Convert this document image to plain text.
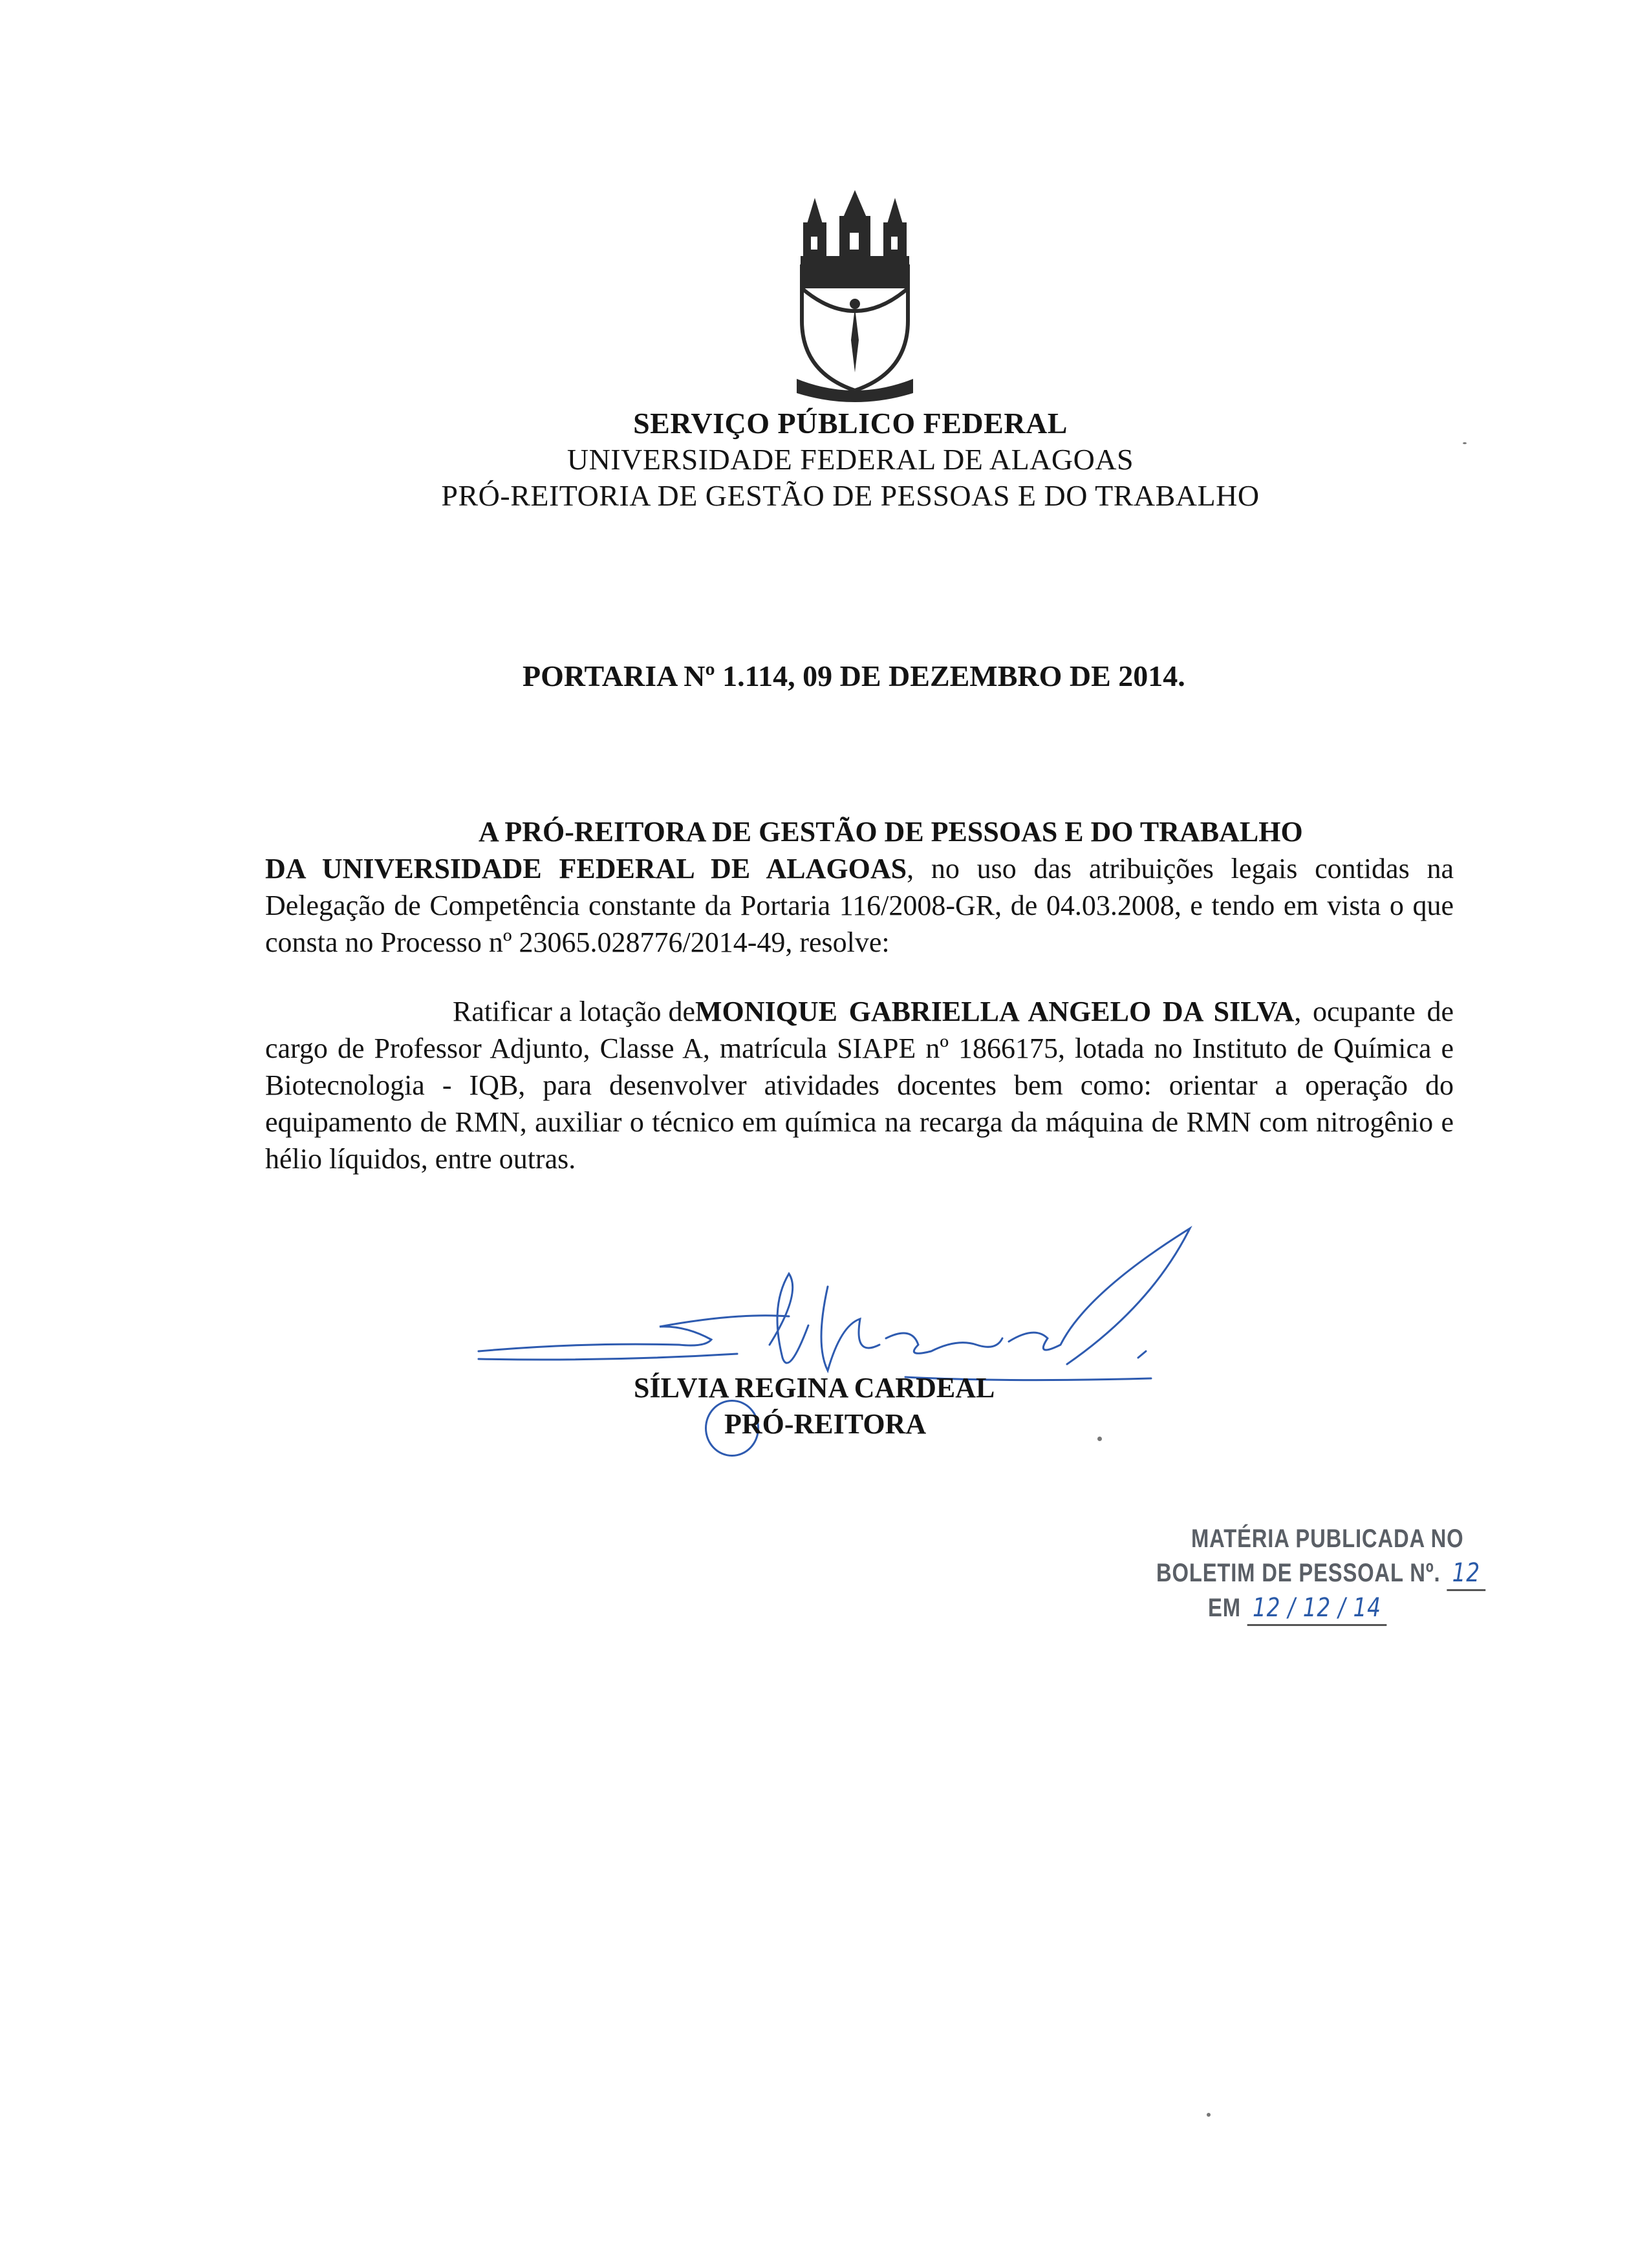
SERVIÇO PÚBLICO FEDERAL
UNIVERSIDADE FEDERAL DE ALAGOAS
PRÓ-REITORIA DE GESTÃO DE PESSOAS E DO TRABALHO
PORTARIA Nº 1.114, 09 DE DEZEMBRO DE 2014.
A PRÓ-REITORA DE GESTÃO DE PESSOAS E DO TRABALHO
DA UNIVERSIDADE FEDERAL DE ALAGOAS, no uso das atribuições legais contidas na Delegação de Competência constante da Portaria 116/2008-GR, de 04.03.2008, e tendo em vista o que consta no Processo nº 23065.028776/2014-49, resolve:
Ratificar a lotação deMONIQUE GABRIELLA ANGELO DA SILVA, ocupante de cargo de Professor Adjunto, Classe A, matrícula SIAPE nº 1866175, lotada no Instituto de Química e Biotecnologia - IQB, para desenvolver atividades docentes bem como: orientar a operação do equipamento de RMN, auxiliar o técnico em química na recarga da máquina de RMN com nitrogênio e hélio líquidos, entre outras.
SÍLVIA REGINA CARDEAL
PRÓ-REITORA
MATÉRIA PUBLICADA NO
BOLETIM DE PESSOAL Nº. 12
EM 12 / 12 / 14
